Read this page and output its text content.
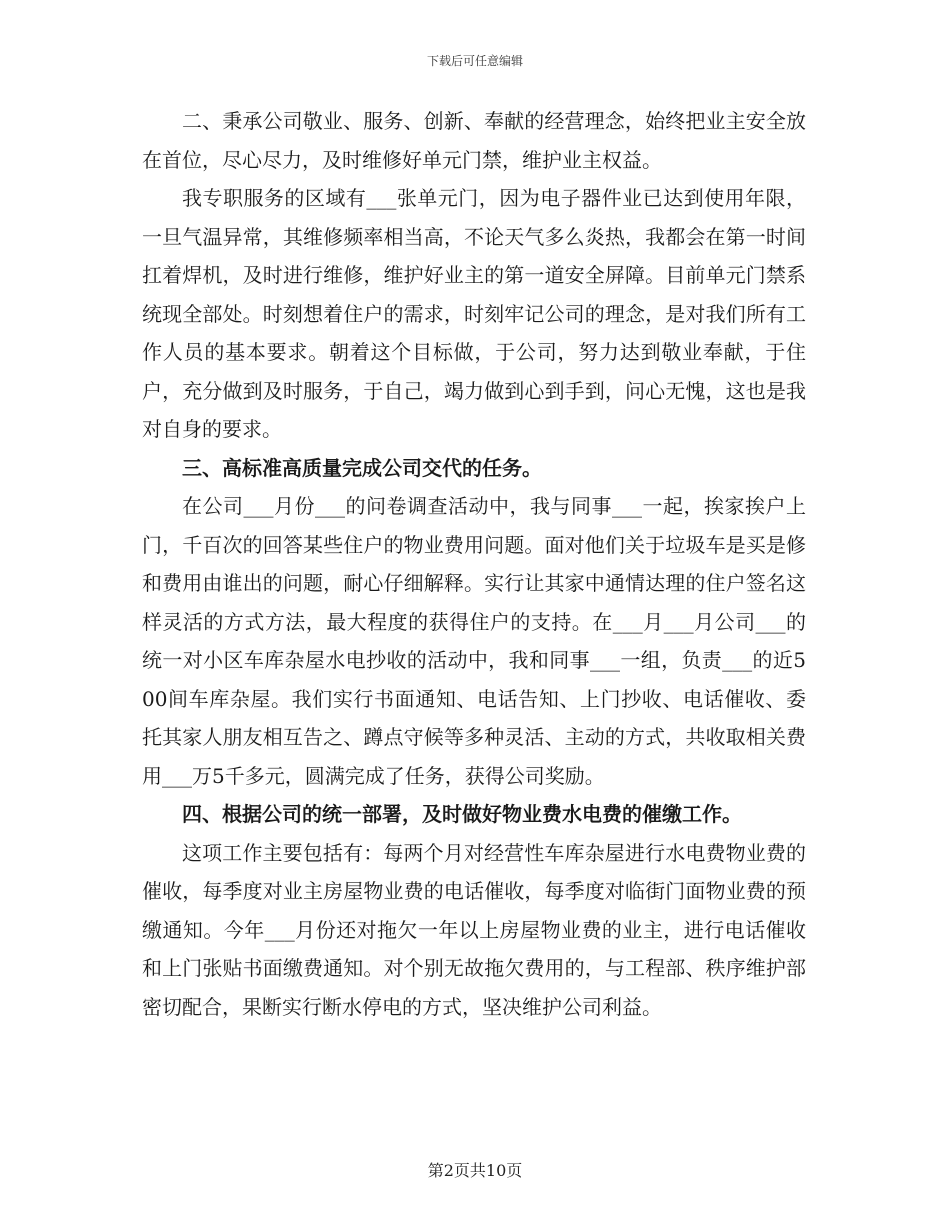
下载后可任意编辑

二、秉承公司敬业、服务、创新、奉献的经营理念，始终把业主安全放在首位，尽心尽力，及时维修好单元门禁，维护业主权益。

我专职服务的区域有___张单元门，因为电子器件业已达到使用年限，一旦气温异常，其维修频率相当高，不论天气多么炎热，我都会在第一时间扛着焊机，及时进行维修，维护好业主的第一道安全屏障。目前单元门禁系统现全部处。时刻想着住户的需求，时刻牢记公司的理念，是对我们所有工作人员的基本要求。朝着这个目标做，于公司，努力达到敬业奉献，于住户，充分做到及时服务，于自己，竭力做到心到手到，问心无愧，这也是我对自身的要求。

三、高标准高质量完成公司交代的任务。

在公司___月份___的问卷调查活动中，我与同事___一起，挨家挨户上门，千百次的回答某些住户的物业费用问题。面对他们关于垃圾车是买是修和费用由谁出的问题，耐心仔细解释。实行让其家中通情达理的住户签名这样灵活的方式方法，最大程度的获得住户的支持。在___月___月公司___的统一对小区车库杂屋水电抄收的活动中，我和同事___一组，负责___的近500间车库杂屋。我们实行书面通知、电话告知、上门抄收、电话催收、委托其家人朋友相互告之、蹲点守候等多种灵活、主动的方式，共收取相关费用___万5千多元，圆满完成了任务，获得公司奖励。

四、根据公司的统一部署，及时做好物业费水电费的催缴工作。

这项工作主要包括有：每两个月对经营性车库杂屋进行水电费物业费的催收，每季度对业主房屋物业费的电话催收，每季度对临街门面物业费的预缴通知。今年___月份还对拖欠一年以上房屋物业费的业主，进行电话催收和上门张贴书面缴费通知。对个别无故拖欠费用的，与工程部、秩序维护部密切配合，果断实行断水停电的方式，坚决维护公司利益。

第2页共10页
